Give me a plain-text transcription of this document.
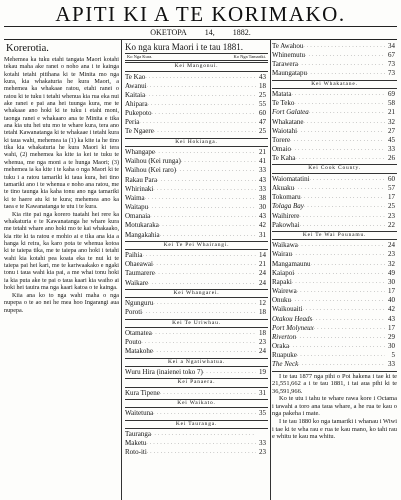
APITI KI A TE KORIMAKO.
OKETOPA 14, 1882.
Korerotia.

Mehemea ka tuku etahi tangata Maori kotahi tekau maha ake ranei o noho ana i te kainga kotahi tetahi pitihana ki te Minita mo nga kura, kia whakaturia he kura Maori, a mehemea ka whakaae ratou, etahi ranei o ratou ki te tuku i tetahi whenua kia rua eka nui ake ranei e pai ana hei tuunga kura, me te whakaae ano hoki ki te tuku i etahi moni, taonga ranei e whakaaro ana te Minita e tika ana kia utu hei utu mo te whare kura, tera ano tetahi Kawanatanga ki te whakaae i tetahi kura ki taua wahi, mehemea ia (1) ka kite ia he tino tika kia whakaturia he kura Maori ki tera wahi, (2) mehemea ka kite ia kei te tuku te whenua, me nga moni a te hunga Maori; (3) mehemea ia ka kite i te kaha o nga Maori ki te tuku i a ratou tamariki ki taua kura, hei tino tamariki ano i te whenua e noho ana ratou, me te tino taunga kia kaha tonu ano nga tamariki ki te haere atu ki te kura; mehemea ano ka taea e te Kawanatanga te utu i te kura.

Kia rite pai nga korero tuatahi hei rere ka whakaturia e te Kawanatanga he whare kura me tetahi whare ano hoki mo te kai whakaako, kia rite ki ta ratou e mohio ai e tika ana kia a hanga ki reira, ka karo pota te whenua kotoa ki te taiepa tika, me te taiepa ano hoki i tetahi wahi kia kotahi pea koata eka te nui ki te taiepa pai hei kari, me te kariwaakako e ngaki tonu i taua wahi kia pai, a me whai tonu hoki ia kia puta ake te pai o taua kaari kia waiho ai hoki hei tauira ma nga kaari katoa o te kainga.

Kiia ana ko to nga wahi maha o nga nupepa o te ao nei he mea hoo Ingarangi aua nupepa.

Ko nga kura Maori i te tau 1881.
Ko Nga Kura.	Ko Nga Tamariki.
Kei Mangonui.
Te Kao . . .	43
Awanui . . .	18
Kaitaia . . .	25
Ahipara . . .	55
Pukepoto . . .	60
Peria . . .	47
Te Ngaere . . .	25
Kei Hokianga.
Whangape . . .	21
Waihou (Kei runga) . . .	41
Waihou (Kei raro) . . .	33
Rakau Para . . .	43
Whirinaki . . .	33
Waima . . .	38
Waitapu . . .	30
Omanaia . . .	43
Motukaraka . . .	42
Mangakahia . . .	31
Kei Te Pei Whairangi.
Paihia . . .	14
Ohaeawai . . .	21
Taumarere . . .	24
Waikare . . .	24
Kei Whangarei.
Ngunguru . . .	12
Poroti . . .	18
Kei Te Uriwhau.
Otamatea . . .	18
Pouto . . .	23
Matakohe . . .	24
Kei a Ngatiwhatua.
Wuru Hira (inaienei toko 7) . . .	19
Kei Panaera.
Kura Tipene . . .	31
Kei Waikato.
Waitetuna . . .	35
Kei Tauranga.
Tauranga
. . .
Maketu . . .	33
Roto-iti . . .	23
Te Awahou . . .	34
Whinemutu . . .	67
Tarawera . . .	73
Maungatapu . . .	73
Kei Whakatane.
Matata . . .	69
Te Teko . . .	58
Fort Galatea . . .	21
Whakatane . . .	32
Waiotahi . . .	27
Torere . . .	45
Omaio . . .	33
Te Kaha . . .	26
Kei Cook County.
Waiomatatini . . .	60
Akuaku . . .	57
Tokomaru . . .	17
Tolaga Bay . . .	25
Waihirere . . .	23
Pakowhai . . .	22
Kei Te Wai Pounamu.
Waikawa . . .	24
Wairau . . .	23
Mangamaunu . . .	32
Kaiapoi . . .	49
Rapaki . . .	30
Wairewa . . .	17
Onuku . . .	40
Waikouaiti . . .	42
Otakou Heads . . .	43
Port Molyneux . . .	17
Riverton . . .	29
Oraka . . .	30
Ruapuke . . .	5
The Neck . . .	33

I te tau 1877 nga pihi o Poi hakena i tae ki te 21,551,662 a i te tau 1881, i tai aua pihi ki te 36,591,966.

Ko te utu i tahu te whare rawa kore i Octama i tawahi a toro ana taua whare, a he rua te kau o nga pakeha i mate.

I te tau 1880 ko nga tamariki i whanau i Wiwi i tae ki te wha rau e rua te kau mano, ko tahi rau e whitu te kau ma whitu.
